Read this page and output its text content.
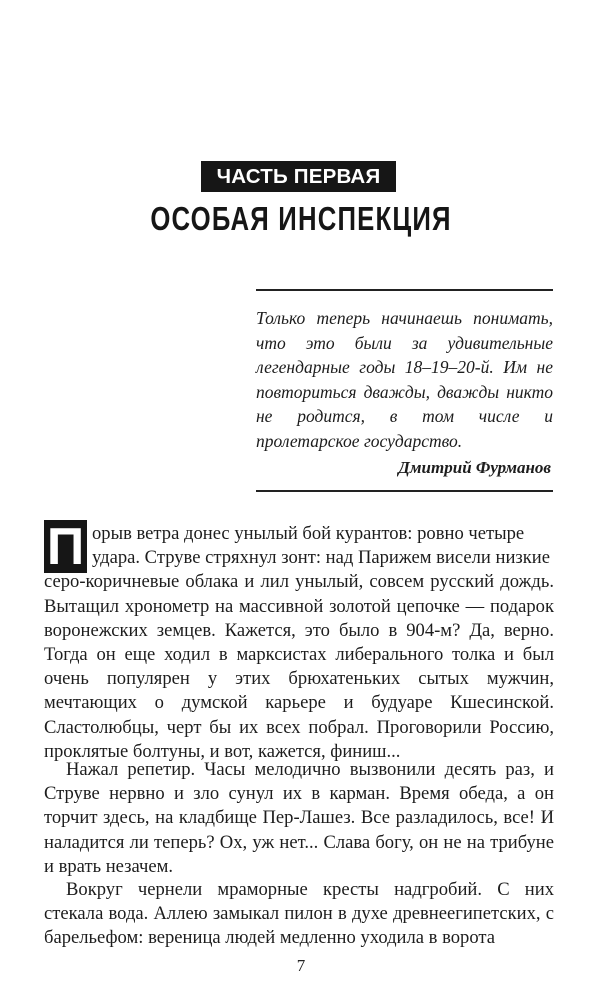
ЧАСТЬ ПЕРВАЯ
ОСОБАЯ ИНСПЕКЦИЯ

Только теперь начинаешь понимать, что это были за удивительные легендарные годы 18–19–20-й. Им не повториться дважды, дважды никто не родится, в том числе и пролетарское государство.

Дмитрий Фурманов
П орыв ветра донес унылый бой курантов: ровно четыре
удара. Струве стряхнул зонт: над Парижем висели низкие
серо-коричневые облака и лил унылый, совсем русский дождь. Вытащил хронометр на массивной золотой цепочке — подарок воронежских земцев. Кажется, это было в 904-м? Да, верно. Тогда он еще ходил в марксистах либерального толка и был очень популярен у этих брюхатеньких сытых мужчин, мечтающих о думской карьере и будуаре Кшесинской. Сластолюбцы, черт бы их всех побрал. Проговорили Россию, проклятые болтуны, и вот, кажется, финиш...

Нажал репетир. Часы мелодично вызвонили десять раз, и Струве нервно и зло сунул их в карман. Время обеда, а он торчит здесь, на кладбище Пер-Лашез. Все разладилось, все! И наладится ли теперь? Ох, уж нет... Слава богу, он не на трибуне и врать незачем.

Вокруг чернели мраморные кресты надгробий. С них стекала вода. Аллею замыкал пилон в духе древнеегипетских, с барельефом: вереница людей медленно уходила в ворота

7
